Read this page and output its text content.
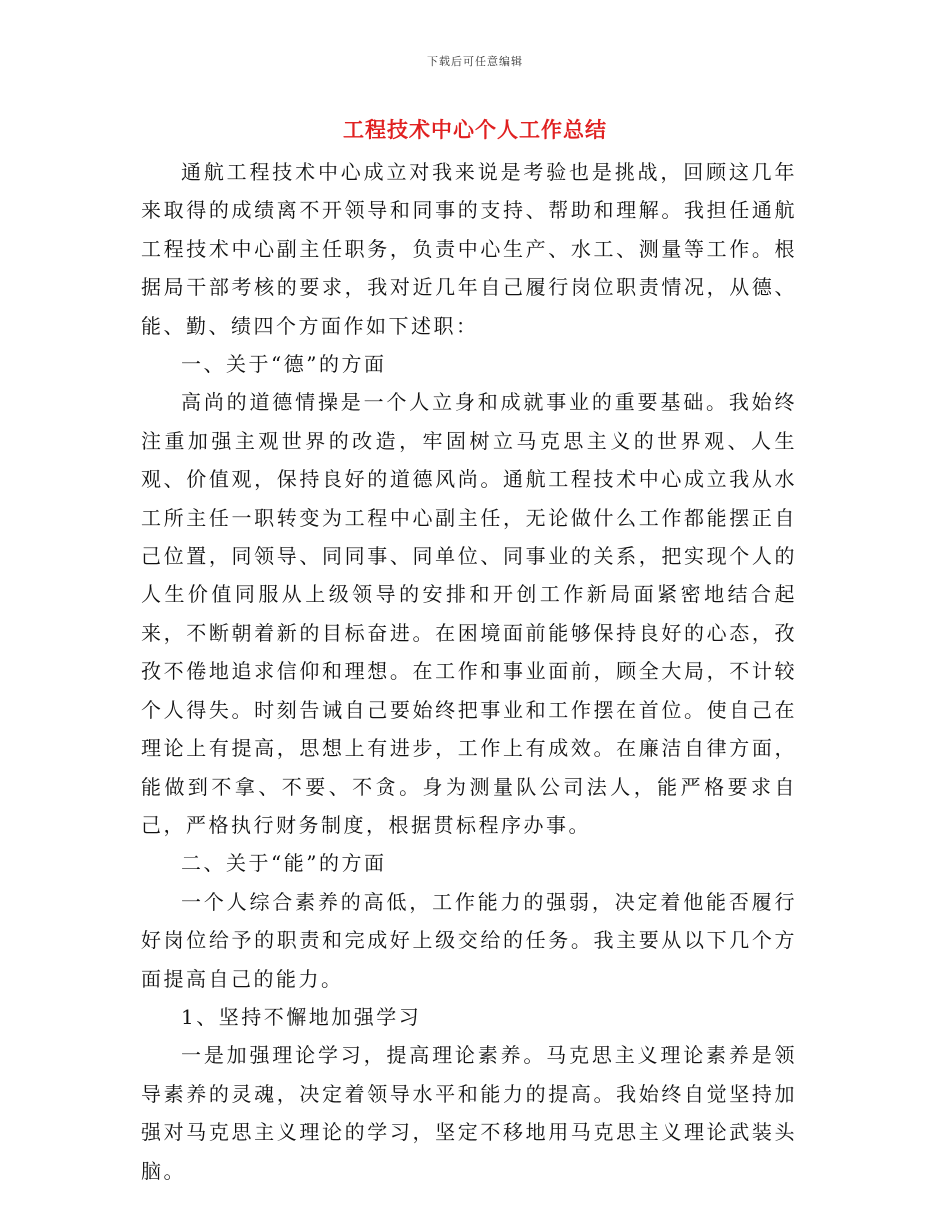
下载后可任意编辑
工程技术中心个人工作总结

通航工程技术中心成立对我来说是考验也是挑战，回顾这几年来取得的成绩离不开领导和同事的支持、帮助和理解。我担任通航工程技术中心副主任职务，负责中心生产、水工、测量等工作。根据局干部考核的要求，我对近几年自己履行岗位职责情况，从德、能、勤、绩四个方面作如下述职：

一、关于“德”的方面

高尚的道德情操是一个人立身和成就事业的重要基础。我始终注重加强主观世界的改造，牢固树立马克思主义的世界观、人生观、价值观，保持良好的道德风尚。通航工程技术中心成立我从水工所主任一职转变为工程中心副主任，无论做什么工作都能摆正自己位置，同领导、同同事、同单位、同事业的关系，把实现个人的人生价值同服从上级领导的安排和开创工作新局面紧密地结合起来，不断朝着新的目标奋进。在困境面前能够保持良好的心态，孜孜不倦地追求信仰和理想。在工作和事业面前，顾全大局，不计较个人得失。时刻告诫自己要始终把事业和工作摆在首位。使自己在理论上有提高，思想上有进步，工作上有成效。在廉洁自律方面，能做到不拿、不要、不贪。身为测量队公司法人，能严格要求自己，严格执行财务制度，根据贯标程序办事。

二、关于“能”的方面

一个人综合素养的高低，工作能力的强弱，决定着他能否履行好岗位给予的职责和完成好上级交给的任务。我主要从以下几个方面提高自己的能力。

1、坚持不懈地加强学习

一是加强理论学习，提高理论素养。马克思主义理论素养是领导素养的灵魂，决定着领导水平和能力的提高。我始终自觉坚持加强对马克思主义理论的学习，坚定不移地用马克思主义理论武装头脑。
